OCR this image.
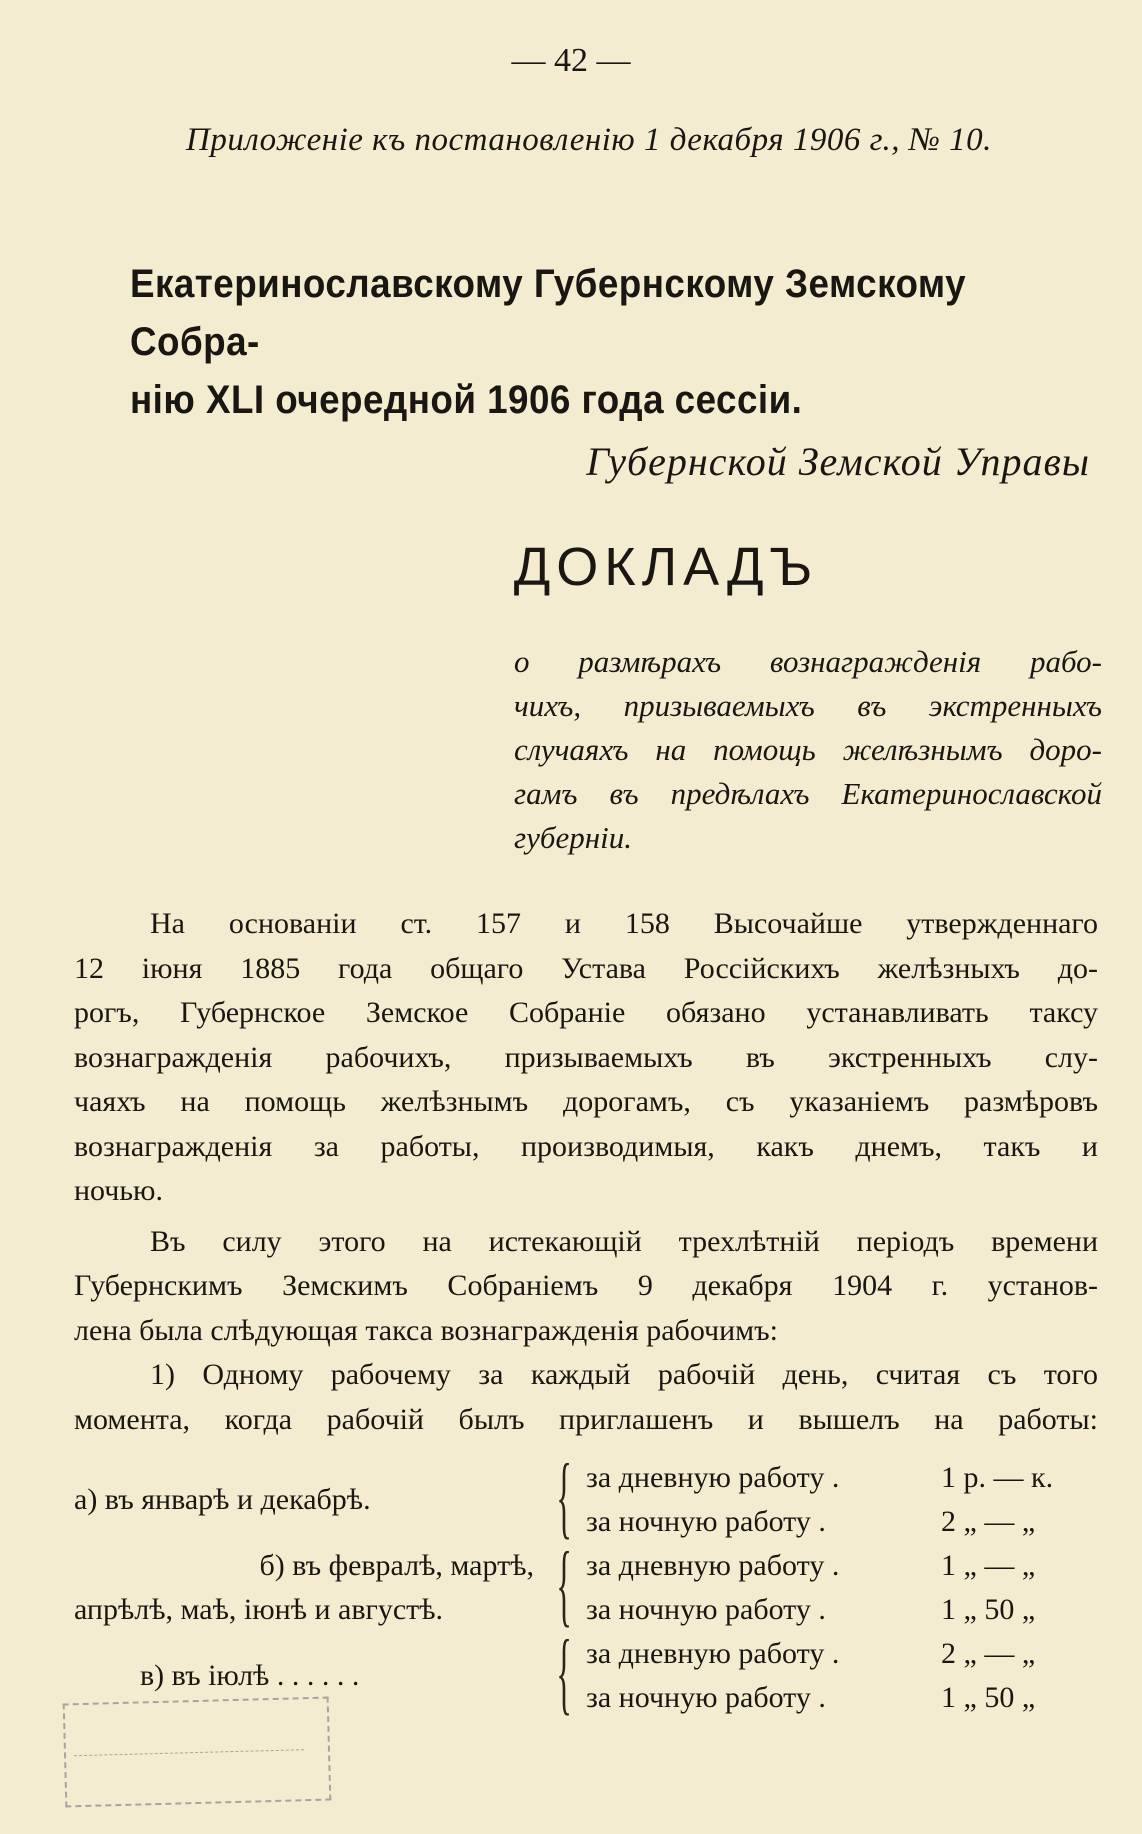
— 42 —
Приложенiе къ постановленiю 1 декабря 1906 г., № 10.
Екатеринославскому Губернскому Земскому Собра-
нiю XLI очередной 1906 года сессiи.
Губернской Земской Управы
ДОКЛАДЪ
о размѣрахъ вознагражденiя рабо-
чихъ, призываемыхъ въ экстренныхъ
случаяхъ на помощь желѣзнымъ доро-
гамъ въ предѣлахъ Екатеринославской
губернiи.
На основанiи ст. 157 и 158 Высочайше утвержденнаго
12 iюня 1885 года общаго Устава Россiйскихъ желѣзныхъ до-
рогъ, Губернское Земское Собранiе обязано устанавливать таксу
вознагражденiя рабочихъ, призываемыхъ въ экстренныхъ слу-
чаяхъ на помощь желѣзнымъ дорогамъ, съ указанiемъ размѣровъ
вознагражденiя за работы, производимыя, какъ днемъ, такъ и
ночью.
Въ силу этого на истекающiй трехлѣтнiй перiодъ времени
Губернскимъ Земскимъ Собранiемъ 9 декабря 1904 г. установ-
лена была слѣдующая такса вознагражденiя рабочимъ:
1) Одному рабочему за каждый рабочiй день, считая съ того
момента, когда рабочiй былъ приглашенъ и вышелъ на работы:
а) въ январѣ и декабрѣ. { за дневную работу .	1 р. — к.
за ночную работу .	2 „ — „
б) въ февралѣ, мартѣ,
апрѣлѣ, маѣ, iюнѣ и августѣ.	{ за дневную работу .	1 „ — „
за ночную работу .	1 „ 50 „
в) въ iюлѣ . . . . . . { за дневную работу .	2 „ — „
за ночную работу .	1 „ 50 „
